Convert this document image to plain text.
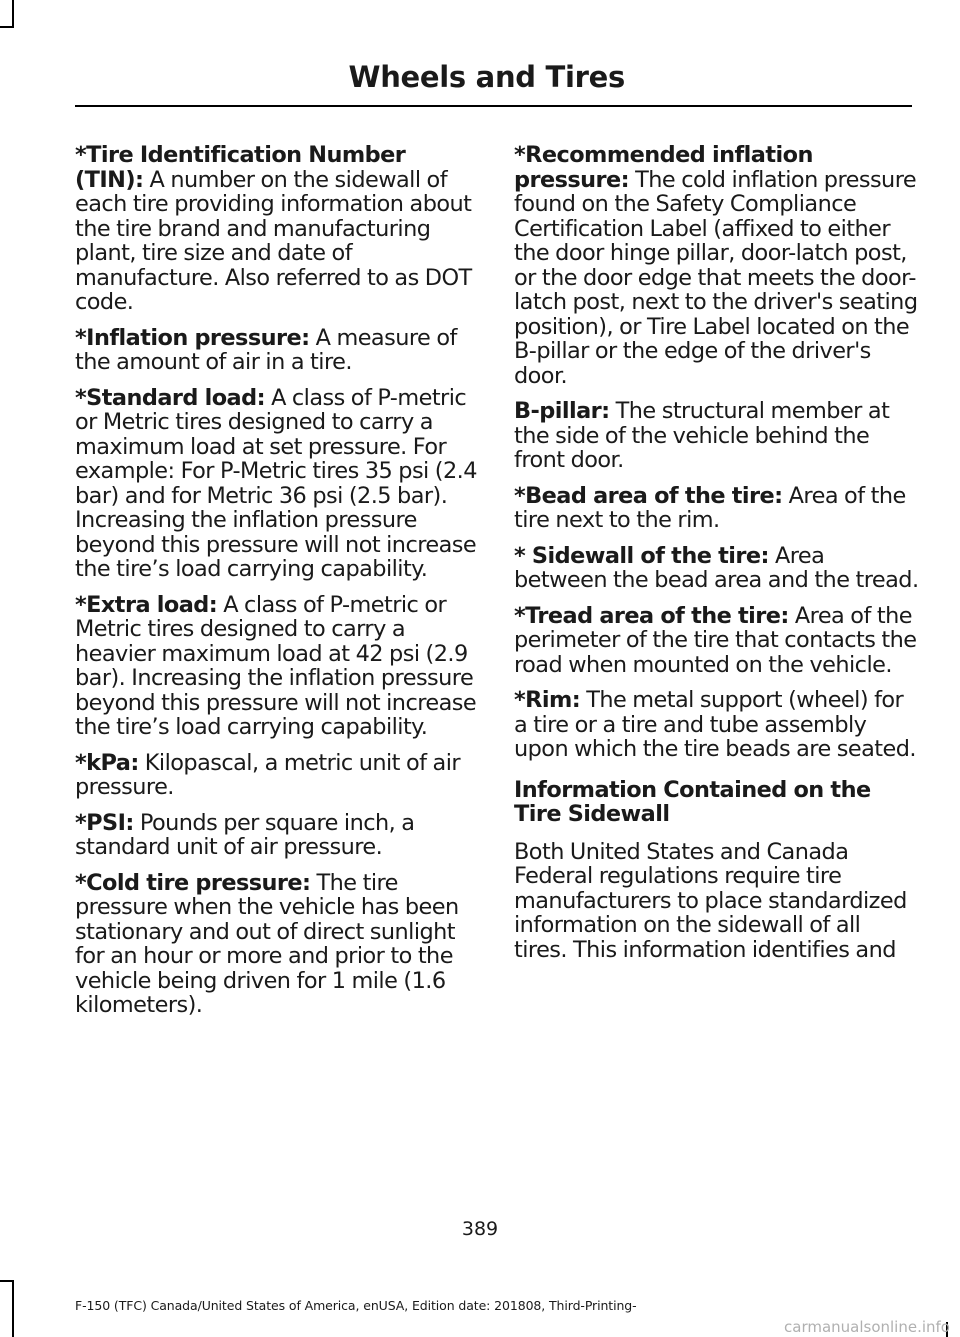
Wheels and Tires

*Tire Identification Number (TIN): A number on the sidewall of each tire providing information about the tire brand and manufacturing plant, tire size and date of manufacture. Also referred to as DOT code.

*Inflation pressure: A measure of the amount of air in a tire.

*Standard load: A class of P-metric or Metric tires designed to carry a maximum load at set pressure. For example: For P-Metric tires 35 psi (2.4 bar) and for Metric 36 psi (2.5 bar). Increasing the inflation pressure beyond this pressure will not increase the tire’s load carrying capability.

*Extra load: A class of P-metric or Metric tires designed to carry a heavier maximum load at 42 psi (2.9 bar). Increasing the inflation pressure beyond this pressure will not increase the tire’s load carrying capability.

*kPa: Kilopascal, a metric unit of air pressure.

*PSI: Pounds per square inch, a standard unit of air pressure.

*Cold tire pressure: The tire pressure when the vehicle has been stationary and out of direct sunlight for an hour or more and prior to the vehicle being driven for 1 mile (1.6 kilometers).

*Recommended inflation pressure: The cold inflation pressure found on the Safety Compliance Certification Label (affixed to either the door hinge pillar, door-latch post, or the door edge that meets the door-latch post, next to the driver's seating position), or Tire Label located on the B-pillar or the edge of the driver's door.

B-pillar: The structural member at the side of the vehicle behind the front door.

*Bead area of the tire: Area of the tire next to the rim.

* Sidewall of the tire: Area between the bead area and the tread.

*Tread area of the tire: Area of the perimeter of the tire that contacts the road when mounted on the vehicle.

*Rim: The metal support (wheel) for a tire or a tire and tube assembly upon which the tire beads are seated.

Information Contained on the Tire Sidewall

Both United States and Canada Federal regulations require tire manufacturers to place standardized information on the sidewall of all tires. This information identifies and

389
F-150 (TFC) Canada/United States of America, enUSA, Edition date: 201808, Third-Printing-
carmanualsonline.info
